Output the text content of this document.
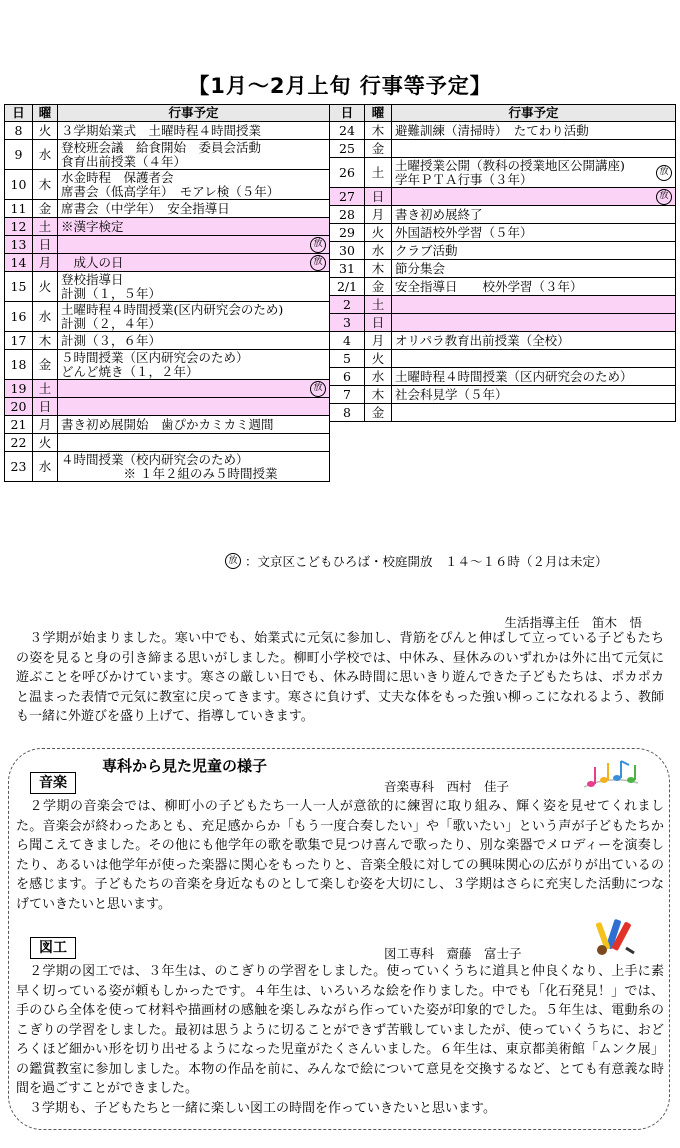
【1月～2月上旬 行事等予定】
日	曜	行事予定
8	火	３学期始業式　土曜時程４時間授業

9	水	登校班会議　給食開始　委員会活動
食育出前授業（４年）

10	木	水金時程　保護者会
席書会（低高学年）　モアレ検（５年）

11	金	席書会（中学年）　安全指導日

12	土	※漢字検定

13	日	放

14	月	　成人の日 放

15	火	登校指導日
計測（１，５年）

16	水	土曜時程４時間授業(区内研究会のため)
計測（２，４年）

17	木	計測（３，６年）

18	金	５時間授業（区内研究会のため）
どんど焼き（１，２年）

19	土	放

20	日	

21	月	書き初め展開始　歯ぴかカミカミ週間

22	火	

23	水	４時間授業（校内研究会のため）
　　　　　※ １年２組のみ５時間授業
日	曜	行事予定
24	木	避難訓練（清掃時）　たてわり活動

25	金	

26	土	土曜授業公開（教科の授業地区公開講座)
学年ＰＴＡ行事（３年） 放

27	日	放

28	月	書き初め展終了

29	火	外国語校外学習（５年）

30	水	クラブ活動

31	木	節分集会

2/1	金	安全指導日　　校外学習（３年）

2	土	

3	日	

4	月	オリパラ教育出前授業（全校）

5	火	

6	水	土曜時程４時間授業（区内研究会のため）

7	木	社会科見学（５年）

8	金	
放 ：文京区こどもひろば・校庭開放　１４～１６時（２月は未定）
生活指導主任　笛木　悟
　３学期が始まりました。寒い中でも、始業式に元気に参加し、背筋をぴんと伸ばして立っている子どもたちの姿を見ると身の引き締まる思いがしました。柳町小学校では、中休み、昼休みのいずれかは外に出て元気に遊ぶことを呼びかけています。寒さの厳しい日でも、休み時間に思いきり遊んできた子どもたちは、ポカポカと温まった表情で元気に教室に戻ってきます。寒さに負けず、丈夫な体をもった強い柳っこになれるよう、教師も一緒に外遊びを盛り上げて、指導していきます。
専科から見た児童の様子
音楽	音楽専科　西村　佳子
　２学期の音楽会では、柳町小の子どもたち一人一人が意欲的に練習に取り組み、輝く姿を見せてくれました。音楽会が終わったあとも、充足感からか「もう一度合奏したい」や「歌いたい」という声が子どもたちから聞こえてきました。その他にも他学年の歌を歌集で見つけ喜んで歌ったり、別な楽器でメロディーを演奏したり、あるいは他学年が使った楽器に関心をもったりと、音楽全般に対しての興味関心の広がりが出ているのを感じます。子どもたちの音楽を身近なものとして楽しむ姿を大切にし、３学期はさらに充実した活動につなげていきたいと思います。
図工	図工専科　齋藤　富士子
　２学期の図工では、３年生は、のこぎりの学習をしました。使っていくうちに道具と仲良くなり、上手に素早く切っている姿が頼もしかったです。４年生は、いろいろな絵を作りました。中でも「化石発見！」では、手のひら全体を使って材料や描画材の感触を楽しみながら作っていた姿が印象的でした。５年生は、電動糸のこぎりの学習をしました。最初は思うように切ることができず苦戦していましたが、使っていくうちに、おどろくほど細かい形を切り出せるようになった児童がたくさんいました。６年生は、東京都美術館「ムンク展」の鑑賞教室に参加しました。本物の作品を前に、みんなで絵について意見を交換するなど、とても有意義な時間を過ごすことができました。
　３学期も、子どもたちと一緒に楽しい図工の時間を作っていきたいと思います。
